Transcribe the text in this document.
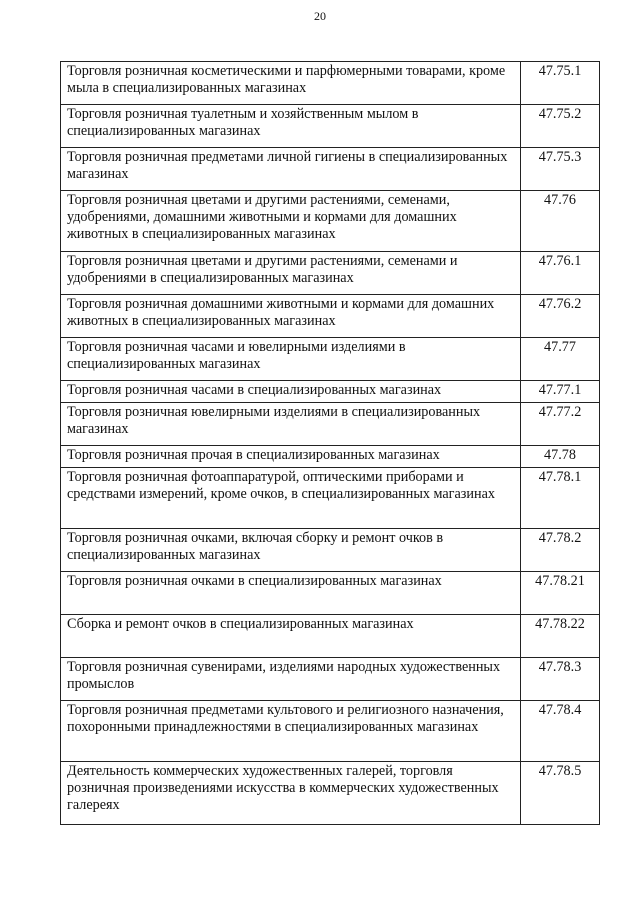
20
Торговля розничная косметическими и парфюмерными товарами, кроме мыла в специализированных магазинах	47.75.1
Торговля розничная туалетным и хозяйственным мылом в специализированных магазинах	47.75.2
Торговля розничная предметами личной гигиены в специализированных магазинах	47.75.3
Торговля розничная цветами и другими растениями, семенами, удобрениями, домашними животными и кормами для домашних животных в специализированных магазинах	47.76
Торговля розничная цветами и другими растениями, семенами и удобрениями в специализированных магазинах	47.76.1
Торговля розничная домашними животными и кормами для домашних животных в специализированных магазинах	47.76.2
Торговля розничная часами и ювелирными изделиями в специализированных магазинах	47.77
Торговля розничная часами в специализированных магазинах	47.77.1
Торговля розничная ювелирными изделиями в специализированных магазинах	47.77.2
Торговля розничная прочая в специализированных магазинах	47.78
Торговля розничная фотоаппаратурой, оптическими приборами и средствами измерений, кроме очков, в специализированных магазинах	47.78.1
Торговля розничная очками, включая сборку и ремонт очков в специализированных магазинах	47.78.2
Торговля розничная очками в специализированных магазинах	47.78.21
Сборка и ремонт очков в специализированных магазинах	47.78.22
Торговля розничная сувенирами, изделиями народных художественных промыслов	47.78.3
Торговля розничная предметами культового и религиозного назначения, похоронными принадлежностями в специализированных магазинах	47.78.4
Деятельность коммерческих художественных галерей, торговля розничная произведениями искусства в коммерческих художественных галереях	47.78.5
